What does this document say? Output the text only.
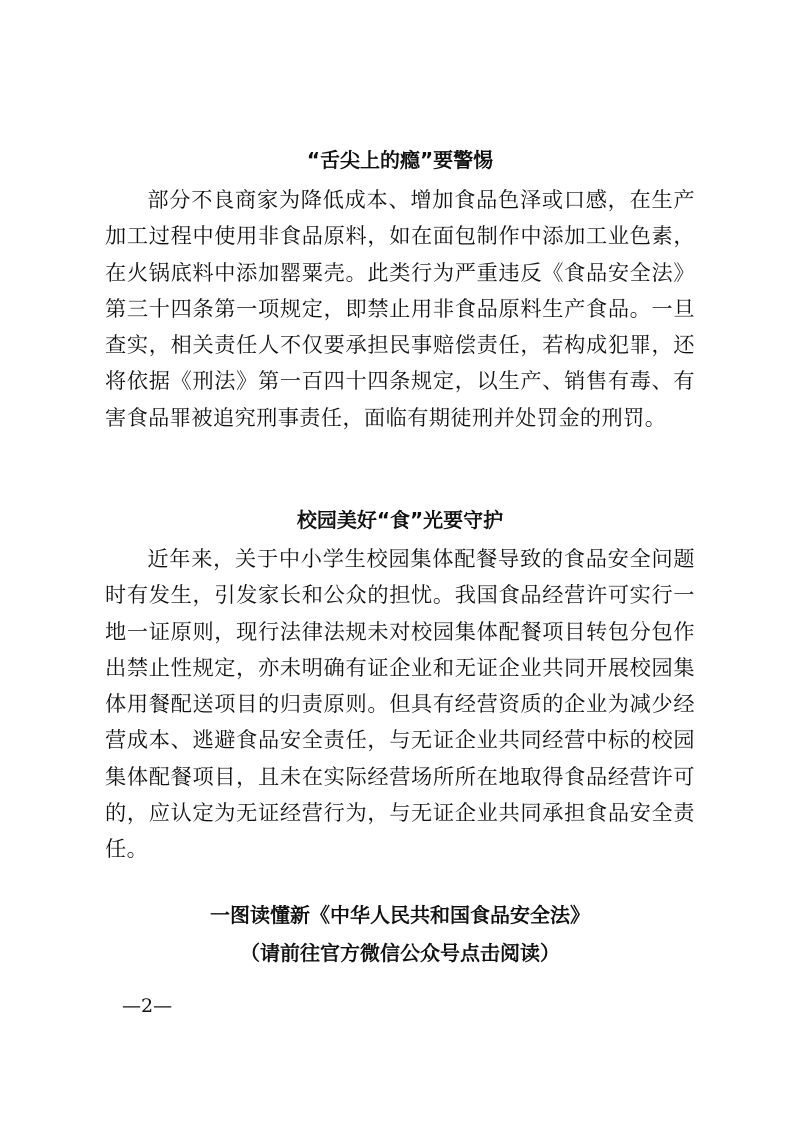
“舌尖上的瘾”要警惕

部分不良商家为降低成本、增加食品色泽或口感，在生产加工过程中使用非食品原料，如在面包制作中添加工业色素，在火锅底料中添加罂粟壳。此类行为严重违反《食品安全法》第三十四条第一项规定，即禁止用非食品原料生产食品。一旦查实，相关责任人不仅要承担民事赔偿责任，若构成犯罪，还将依据《刑法》第一百四十四条规定，以生产、销售有毒、有害食品罪被追究刑事责任，面临有期徒刑并处罚金的刑罚。

校园美好“食”光要守护

近年来，关于中小学生校园集体配餐导致的食品安全问题时有发生，引发家长和公众的担忧。我国食品经营许可实行一地一证原则，现行法律法规未对校园集体配餐项目转包分包作出禁止性规定，亦未明确有证企业和无证企业共同开展校园集体用餐配送项目的归责原则。但具有经营资质的企业为减少经营成本、逃避食品安全责任，与无证企业共同经营中标的校园集体配餐项目，且未在实际经营场所所在地取得食品经营许可的，应认定为无证经营行为，与无证企业共同承担食品安全责任。

一图读懂新《中华人民共和国食品安全法》
（请前往官方微信公众号点击阅读）
—2—
